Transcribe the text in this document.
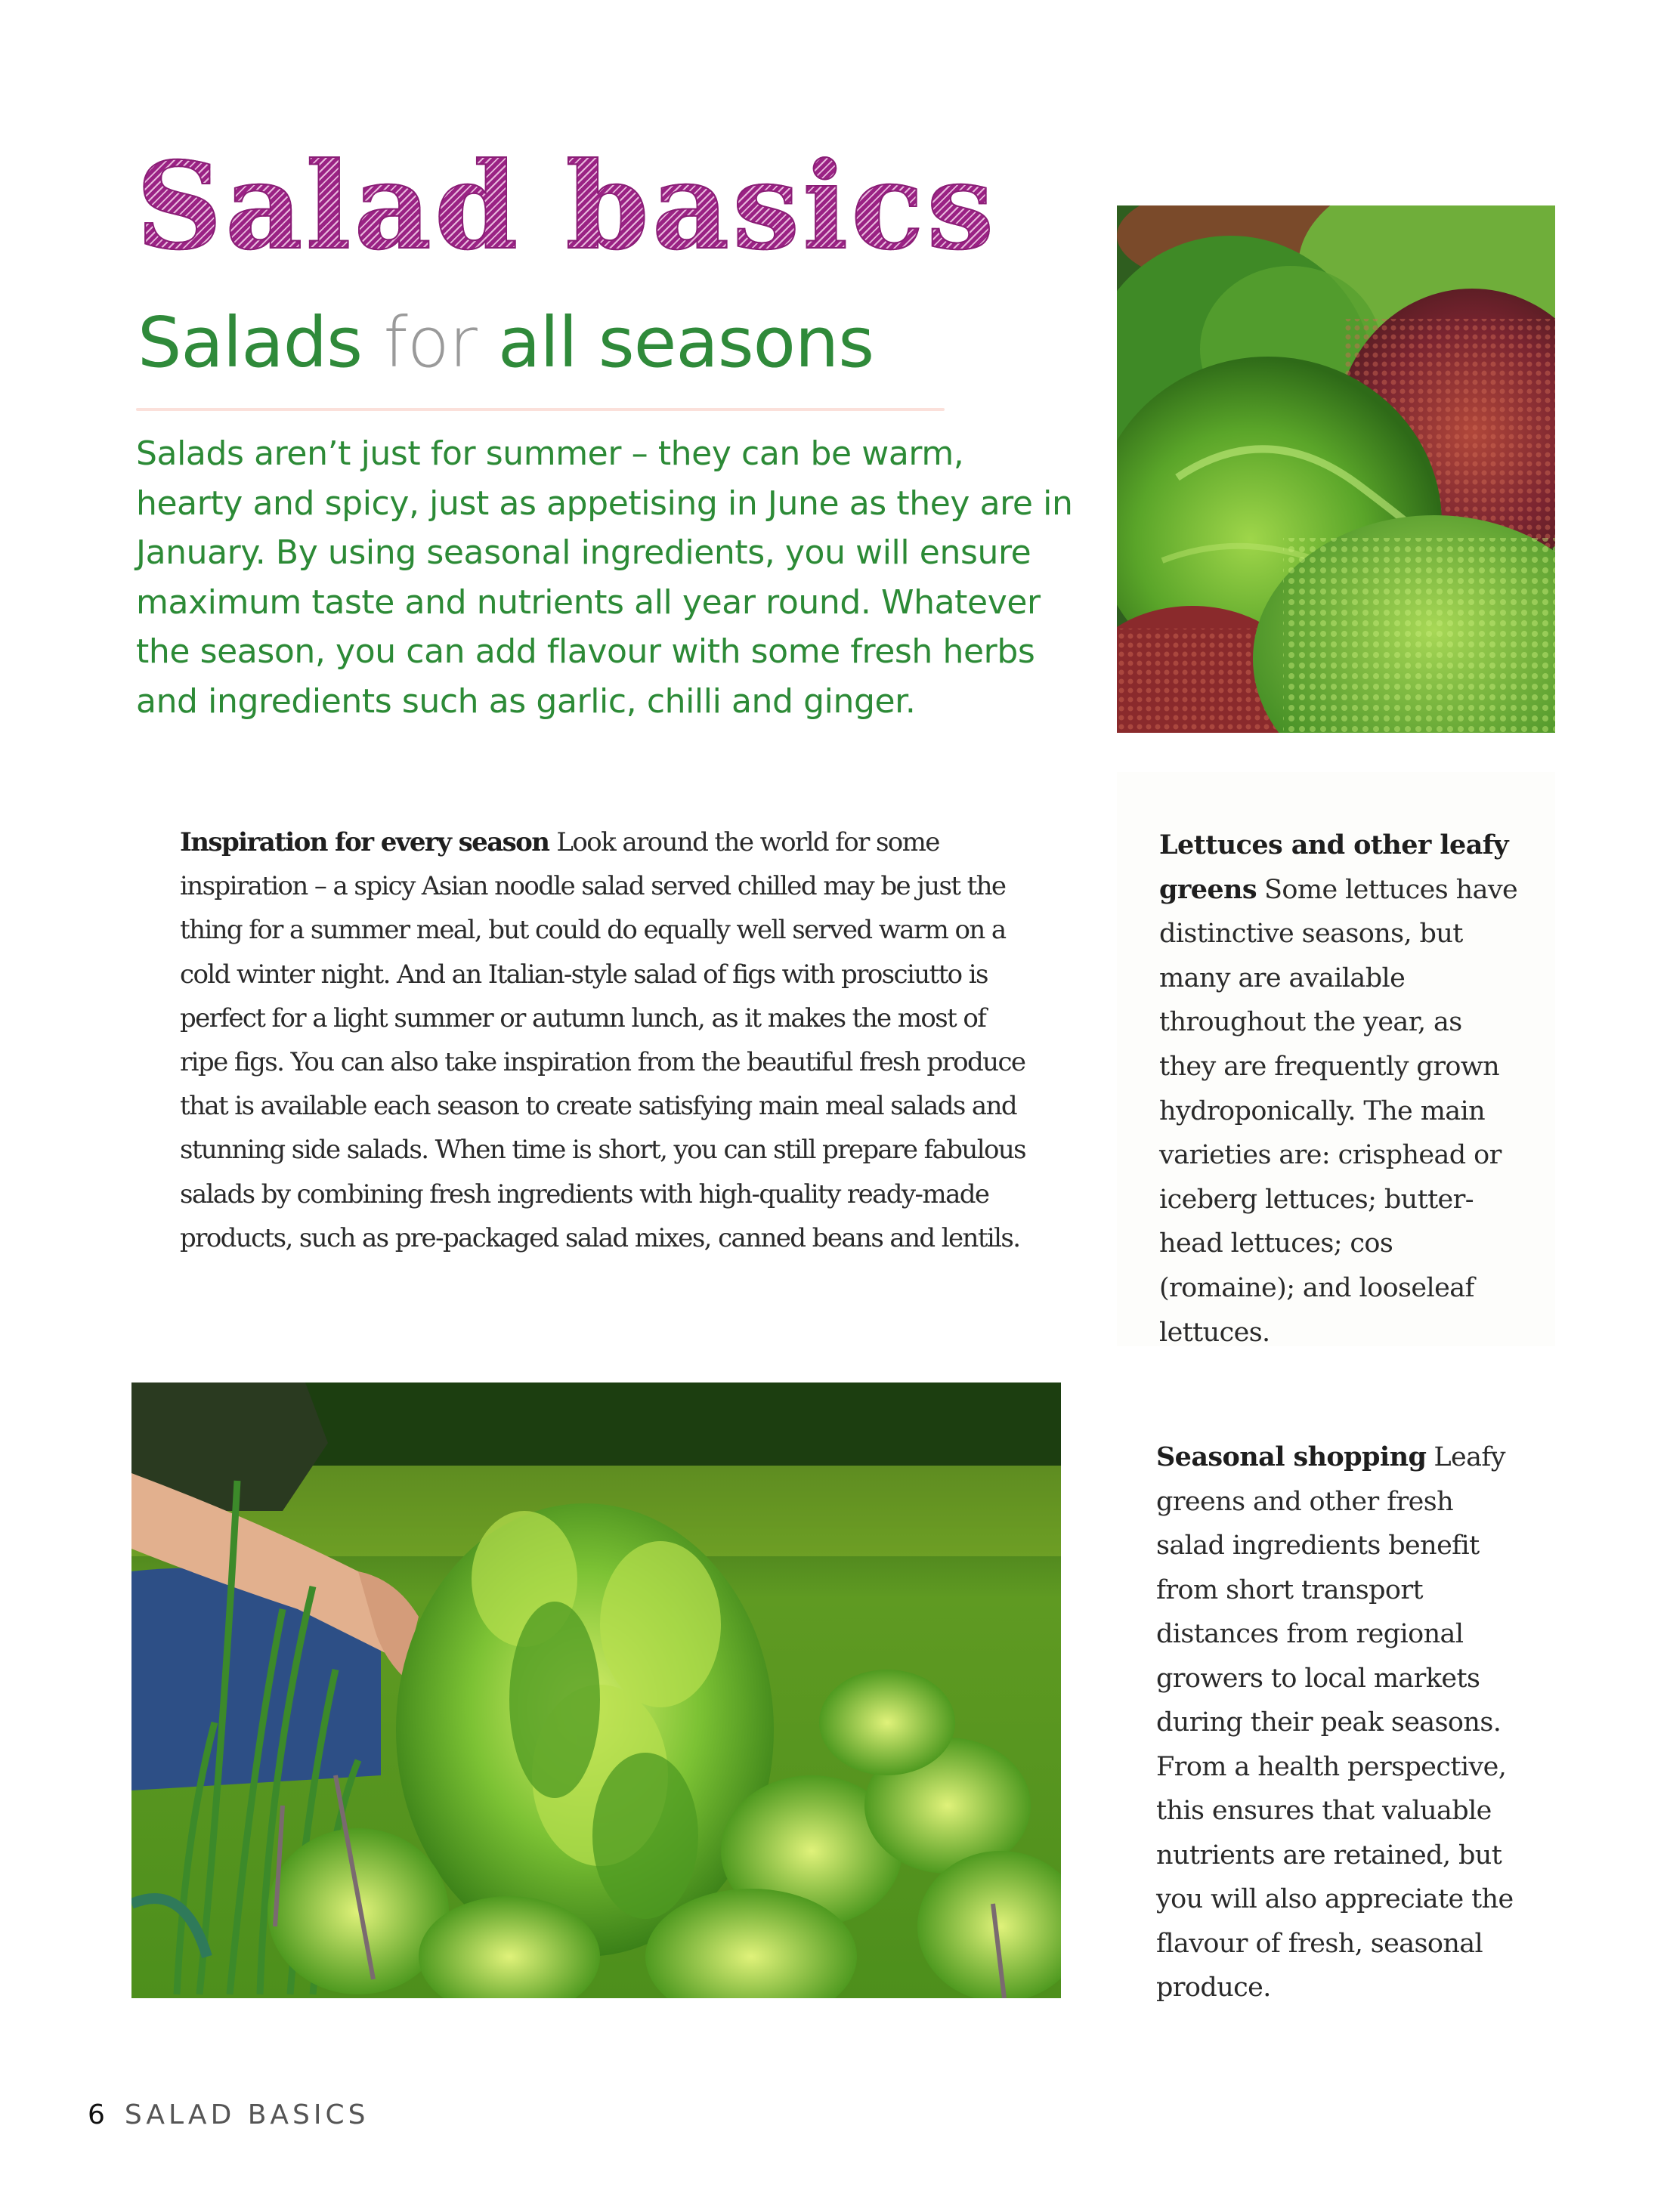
Salad basics
Salads for all seasons

Salads aren’t just for summer – they can be warm, hearty and spicy, just as appetising in June as they are in January. By using seasonal ingredients, you will ensure maximum taste and nutrients all year round. Whatever the season, you can add flavour with some fresh herbs and ingredients such as garlic, chilli and ginger.

Inspiration for every season Look around the world for some inspiration – a spicy Asian noodle salad served chilled may be just the thing for a summer meal, but could do equally well served warm on a cold winter night. And an Italian-style salad of figs with prosciutto is perfect for a light summer or autumn lunch, as it makes the most of ripe figs. You can also take inspiration from the beautiful fresh produce that is available each season to create satisfying main meal salads and stunning side salads. When time is short, you can still prepare fabulous salads by combining fresh ingredients with high-quality ready-made products, such as pre-packaged salad mixes, canned beans and lentils.

Lettuces and other leafy greens Some lettuces have distinctive seasons, but many are available throughout the year, as they are frequently grown hydroponically. The main varieties are: crisphead or iceberg lettuces; butter-head lettuces; cos (romaine); and looseleaf lettuces.

Seasonal shopping Leafy greens and other fresh salad ingredients benefit from short transport distances from regional growers to local markets during their peak seasons. From a health perspective, this ensures that valuable nutrients are retained, but you will also appreciate the flavour of fresh, seasonal produce.

6 SALAD BASICS
